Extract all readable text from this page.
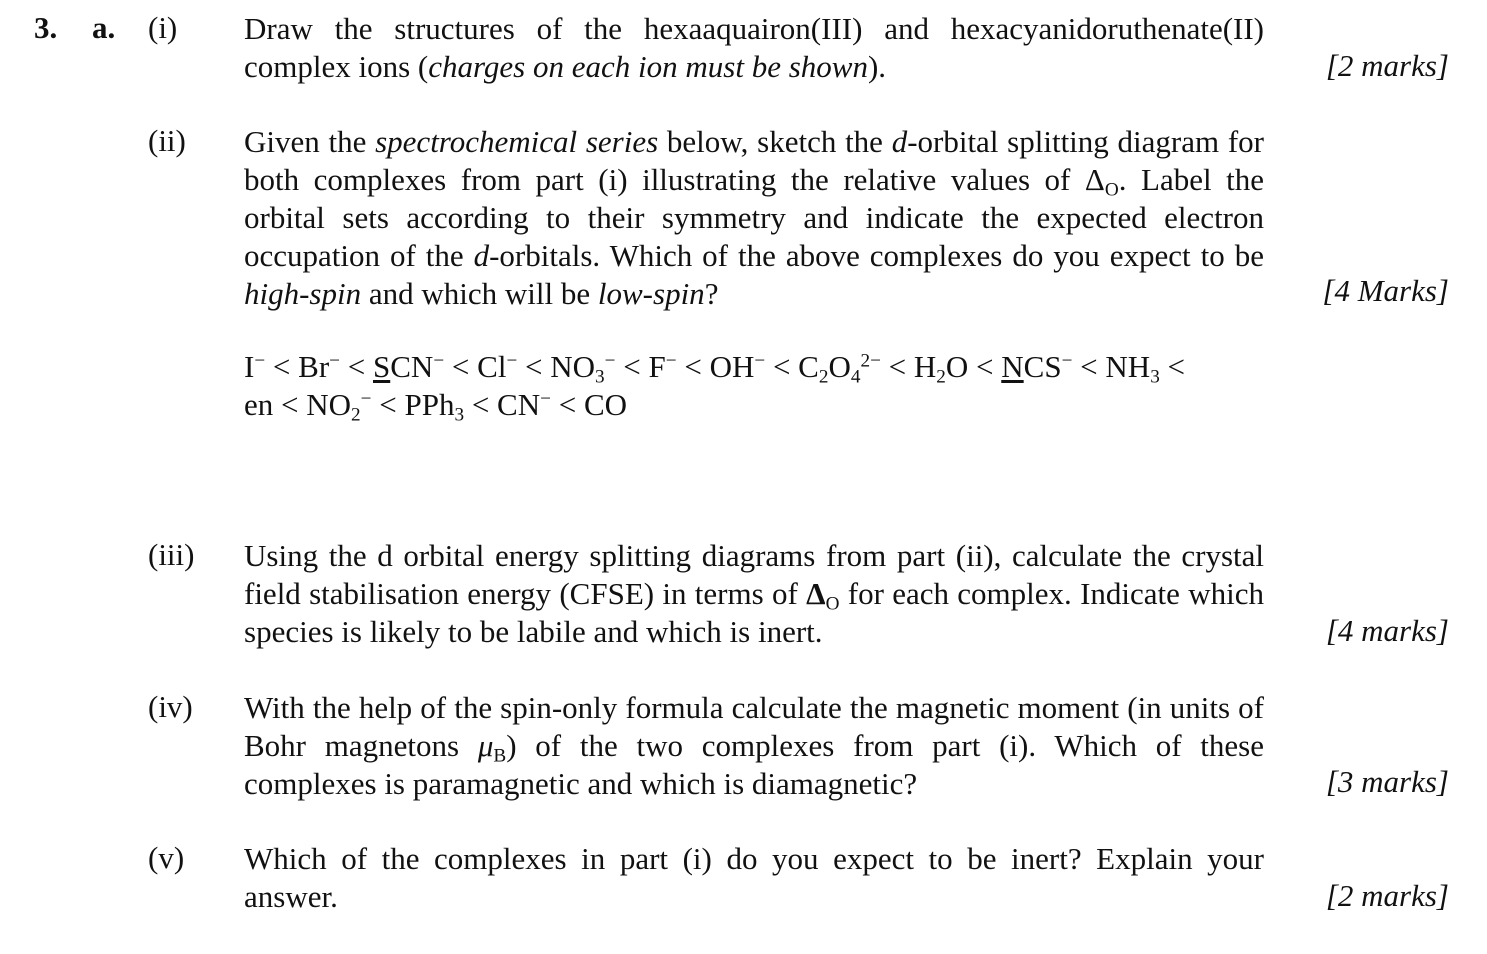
3. a. (i) Draw the structures of the hexaaquairon(III) and hexacyanidoruthenate(II) complex ions (charges on each ion must be shown).	[2 marks]
(ii) Given the spectrochemical series below, sketch the d-orbital splitting diagram for both complexes from part (i) illustrating the relative values of $\Delta_O$. Label the orbital sets according to their symmetry and indicate the expected electron occupation of the d-orbitals. Which of the above complexes do you expect to be high-spin and which will be low-spin?	[4 Marks]
$I^- < Br^- < SCN^- < Cl^- < NO_3^- < F^- < OH^- < C_2O_4^{2-} < H_2O < NCS^- < NH_3$ <
en < $NO_2^- < PPh_3 < CN^-$ < CO
(iii) Using the d orbital energy splitting diagrams from part (ii), calculate the crystal field stabilisation energy (CFSE) in terms of $\Delta_O$ for each complex. Indicate which species is likely to be labile and which is inert.	[4 marks]
(iv) With the help of the spin-only formula calculate the magnetic moment (in units of Bohr magnetons $\mu_B$) of the two complexes from part (i). Which of these complexes is paramagnetic and which is diamagnetic?	[3 marks]
(v) Which of the complexes in part (i) do you expect to be inert? Explain your answer.	[2 marks]
